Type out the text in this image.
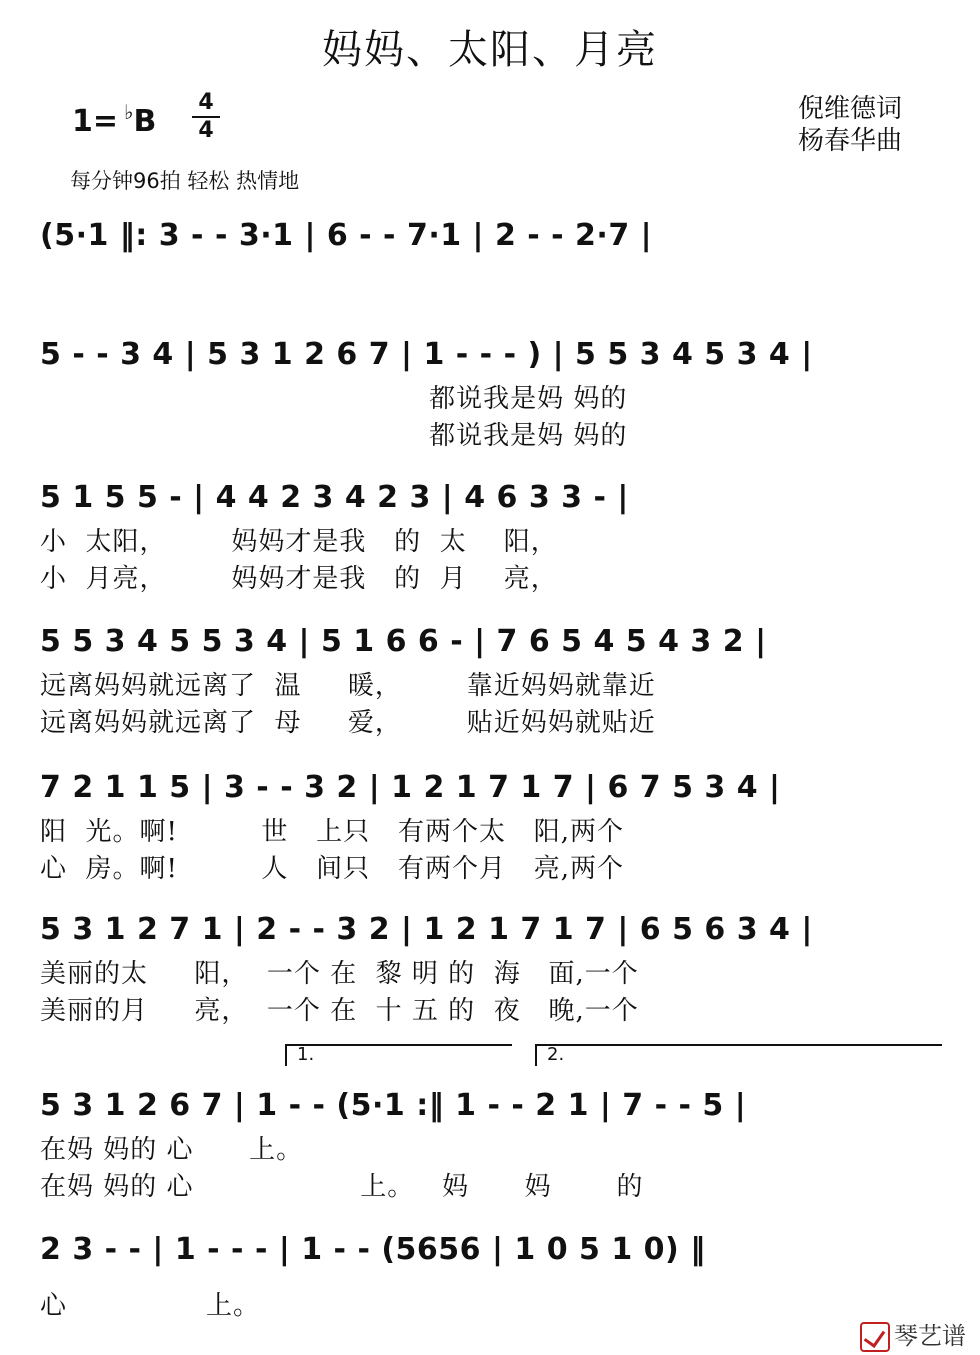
妈妈、太阳、月亮
1= ♭B
4
4
倪维德词
杨春华曲
每分钟96拍 轻松 热情地
(5·1 ‖: 3 - - 3·1 | 6 - - 7·1 | 2 - - 2·7 |
5 - - 3 4 | 5 3 1 2 6 7 | 1 - - - ) | 5 5 3 4 5 3 4 |
都说我是妈 妈的
都说我是妈 妈的
5 1 5 5 - | 4 4 2 3 4 2 3 | 4 6 3 3 - |
小  太阳，       妈妈才是我   的  太    阳，
小  月亮，       妈妈才是我   的  月    亮，
5 5 3 4 5 5 3 4 | 5 1 6 6 - | 7 6 5 4 5 4 3 2 |
远离妈妈就远离了  温     暖，       靠近妈妈就靠近
远离妈妈就远离了  母     爱，       贴近妈妈就贴近
7 2 1 1 5 | 3 - - 3 2 | 1 2 1 7 1 7 | 6 7 5 3 4 |
阳  光。啊!         世   上只   有两个太   阳,两个
心  房。啊!         人   间只   有两个月   亮,两个
5 3 1 2 7 1 | 2 - - 3 2 | 1 2 1 7 1 7 | 6 5 6 3 4 |
美丽的太     阳，  一个 在  黎 明 的  海   面,一个
美丽的月     亮，  一个 在  十 五 的  夜   晚,一个
1.	2.
5 3 1 2 6 7 | 1 - - (5·1 :‖ 1 - - 2 1 | 7 - - 5 |
在妈 妈的 心      上。
在妈 妈的 心                  上。   妈      妈       的
2 3 - - | 1 - - - | 1 - - (5656 | 1 0 5 1 0) ‖
心               上。
琴艺谱
